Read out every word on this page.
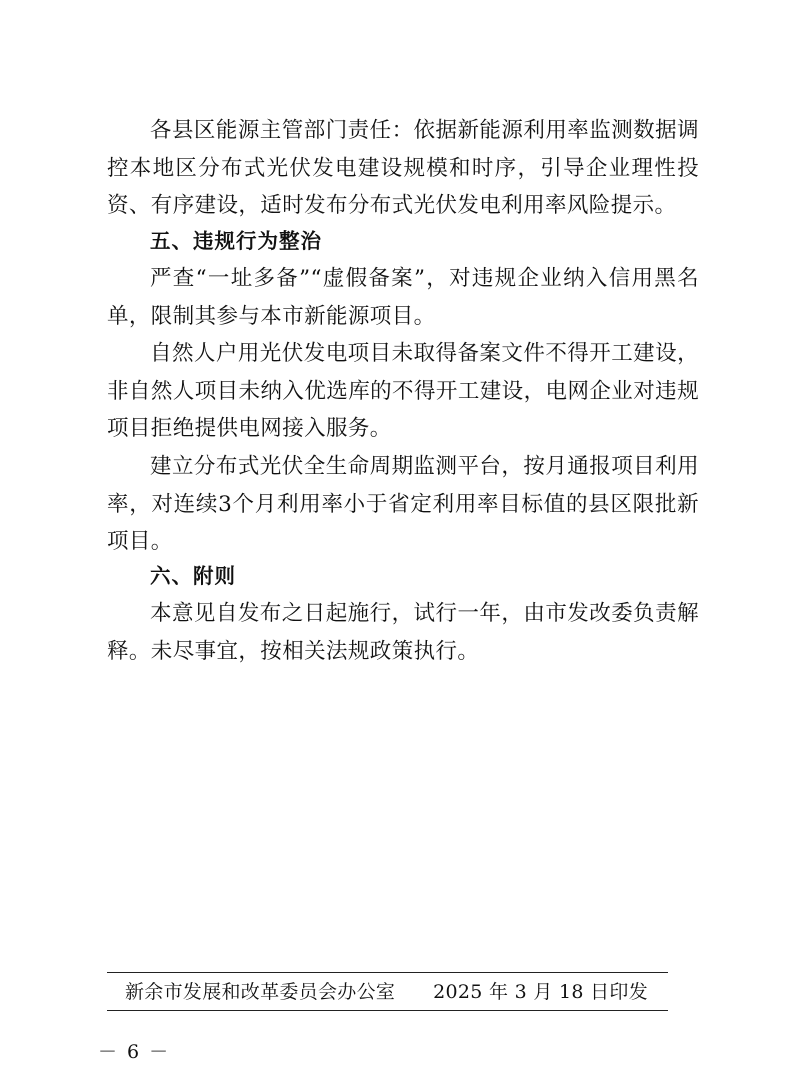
各县区能源主管部门责任：依据新能源利用率监测数据调控本地区分布式光伏发电建设规模和时序，引导企业理性投资、有序建设，适时发布分布式光伏发电利用率风险提示。

五、违规行为整治

严查“一址多备”“虚假备案”，对违规企业纳入信用黑名单，限制其参与本市新能源项目。

自然人户用光伏发电项目未取得备案文件不得开工建设，非自然人项目未纳入优选库的不得开工建设，电网企业对违规项目拒绝提供电网接入服务。

建立分布式光伏全生命周期监测平台，按月通报项目利用率，对连续3个月利用率小于省定利用率目标值的县区限批新项目。

六、附则

本意见自发布之日起施行，试行一年，由市发改委负责解释。未尽事宜，按相关法规政策执行。

新余市发展和改革委员会办公室 2025 年 3 月 18 日印发
－ 6 －
